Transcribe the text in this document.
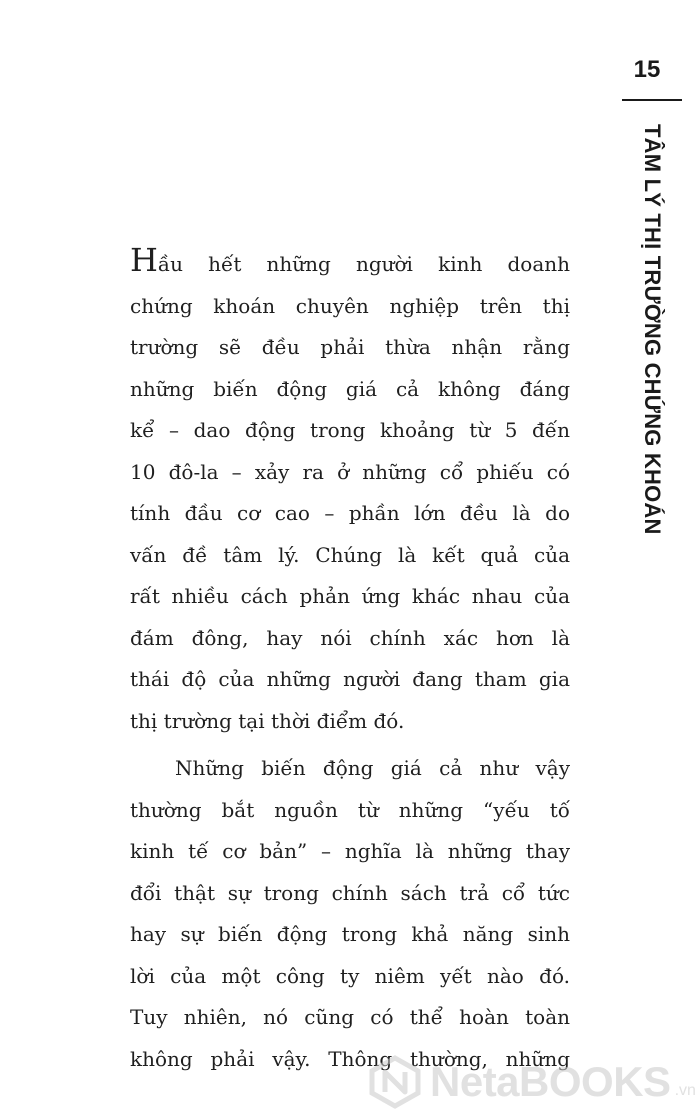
15
TÂM LÝ THỊ TRƯỜNG CHỨNG KHOÁN
Hầu hết những người kinh doanh
chứng khoán chuyên nghiệp trên thị
trường sẽ đều phải thừa nhận rằng
những biến động giá cả không đáng
kể – dao động trong khoảng từ 5 đến
10 đô-la – xảy ra ở những cổ phiếu có
tính đầu cơ cao – phần lớn đều là do
vấn đề tâm lý. Chúng là kết quả của
rất nhiều cách phản ứng khác nhau của
đám đông, hay nói chính xác hơn là
thái độ của những người đang tham gia
thị trường tại thời điểm đó.
Những biến động giá cả như vậy
thường bắt nguồn từ những “yếu tố
kinh tế cơ bản” – nghĩa là những thay
đổi thật sự trong chính sách trả cổ tức
hay sự biến động trong khả năng sinh
lời của một công ty niêm yết nào đó.
Tuy nhiên, nó cũng có thể hoàn toàn
không phải vậy. Thông thường, những
NetaBOOKS .vn
